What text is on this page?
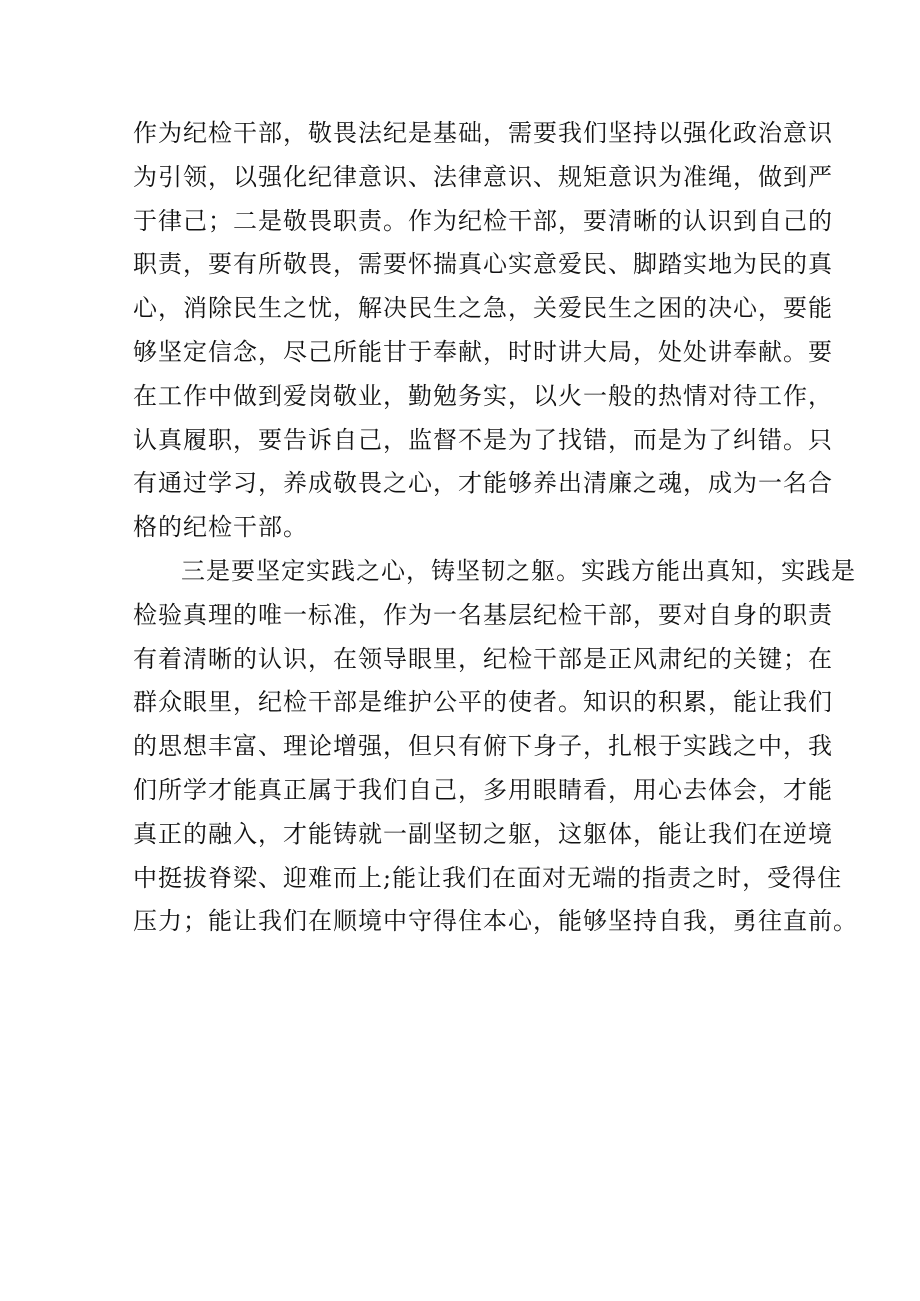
作为纪检干部，敬畏法纪是基础，需要我们坚持以强化政治意识
为引领，以强化纪律意识、法律意识、规矩意识为准绳，做到严
于律己；二是敬畏职责。作为纪检干部，要清晰的认识到自己的
职责，要有所敬畏，需要怀揣真心实意爱民、脚踏实地为民的真
心，消除民生之忧，解决民生之急，关爱民生之困的决心，要能
够坚定信念，尽己所能甘于奉献，时时讲大局，处处讲奉献。要
在工作中做到爱岗敬业，勤勉务实，以火一般的热情对待工作，
认真履职，要告诉自己，监督不是为了找错，而是为了纠错。只
有通过学习，养成敬畏之心，才能够养出清廉之魂，成为一名合
格的纪检干部。
三是要坚定实践之心，铸坚韧之躯。实践方能出真知，实践是
检验真理的唯一标准，作为一名基层纪检干部，要对自身的职责
有着清晰的认识，在领导眼里，纪检干部是正风肃纪的关键；在
群众眼里，纪检干部是维护公平的使者。知识的积累，能让我们
的思想丰富、理论增强，但只有俯下身子，扎根于实践之中，我
们所学才能真正属于我们自己，多用眼睛看，用心去体会，才能
真正的融入，才能铸就一副坚韧之躯，这躯体，能让我们在逆境
中挺拔脊梁、迎难而上;能让我们在面对无端的指责之时，受得住
压力；能让我们在顺境中守得住本心，能够坚持自我，勇往直前。
